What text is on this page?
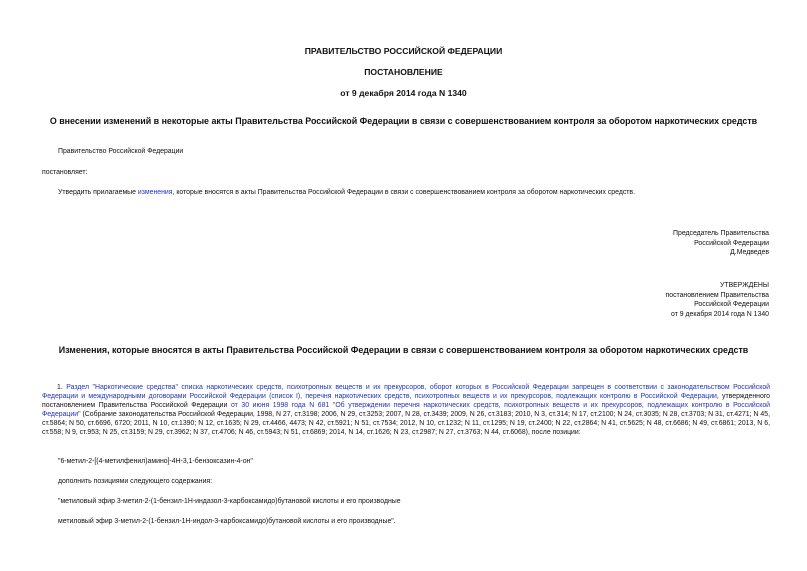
ПРАВИТЕЛЬСТВО РОССИЙСКОЙ ФЕДЕРАЦИИ
ПОСТАНОВЛЕНИЕ
от 9 декабря 2014 года N 1340
О внесении изменений в некоторые акты Правительства Российской Федерации в связи с совершенствованием контроля за оборотом наркотических средств
Правительство Российской Федерации
постановляет:
Утвердить прилагаемые изменения, которые вносятся в акты Правительства Российской Федерации в связи с совершенствованием контроля за оборотом наркотических средств.
Председатель Правительства
Российской Федерации
Д.Медведев
УТВЕРЖДЕНЫ
постановлением Правительства
Российской Федерации
от 9 декабря 2014 года N 1340
Изменения, которые вносятся в акты Правительства Российской Федерации в связи с совершенствованием контроля за оборотом наркотических средств
1. Раздел "Наркотические средства" списка наркотических средств, психотропных веществ и их прекурсоров, оборот которых в Российской Федерации запрещен в соответствии с законодательством Российской Федерации и международными договорами Российской Федерации (список I), перечня наркотических средств, психотропных веществ и их прекурсоров, подлежащих контролю в Российской Федерации, утвержденного постановлением Правительства Российской Федерации от 30 июня 1998 года N 681 "Об утверждении перечня наркотических средств, психотропных веществ и их прекурсоров, подлежащих контролю в Российской Федерации" (Собрание законодательства Российской Федерации, 1998, N 27, ст.3198; 2006, N 29, ст.3253; 2007, N 28, ст.3439; 2009, N 26, ст.3183; 2010, N 3, ст.314; N 17, ст.2100; N 24, ст.3035; N 28, ст.3703; N 31, ст.4271; N 45, ст.5864; N 50, ст.6696, 6720; 2011, N 10, ст.1390; N 12, ст.1635; N 29, ст.4466, 4473; N 42, ст.5921; N 51, ст.7534; 2012, N 10, ст.1232; N 11, ст.1295; N 19, ст.2400; N 22, ст.2864; N 41, ст.5625; N 48, ст.6686; N 49, ст.6861; 2013, N 6, ст.558; N 9, ст.953; N 25, ст.3159; N 29, ст.3962; N 37, ст.4706; N 46, ст.5943; N 51, ст.6869; 2014, N 14, ст.1626; N 23, ст.2987; N 27, ст.3763; N 44, ст.6068), после позиции:
"6-метил-2-[(4-метилфенил)амино]-4Н-3,1-бензоксазин-4-он"
дополнить позициями следующего содержания:
"метиловый эфир 3-метил-2-(1-бензил-1Н-индазол-3-карбоксамидо)бутановой кислоты и его производные
метиловый эфир 3-метил-2-(1-бензил-1Н-индол-3-карбоксамидо)бутановой кислоты и его производные".
